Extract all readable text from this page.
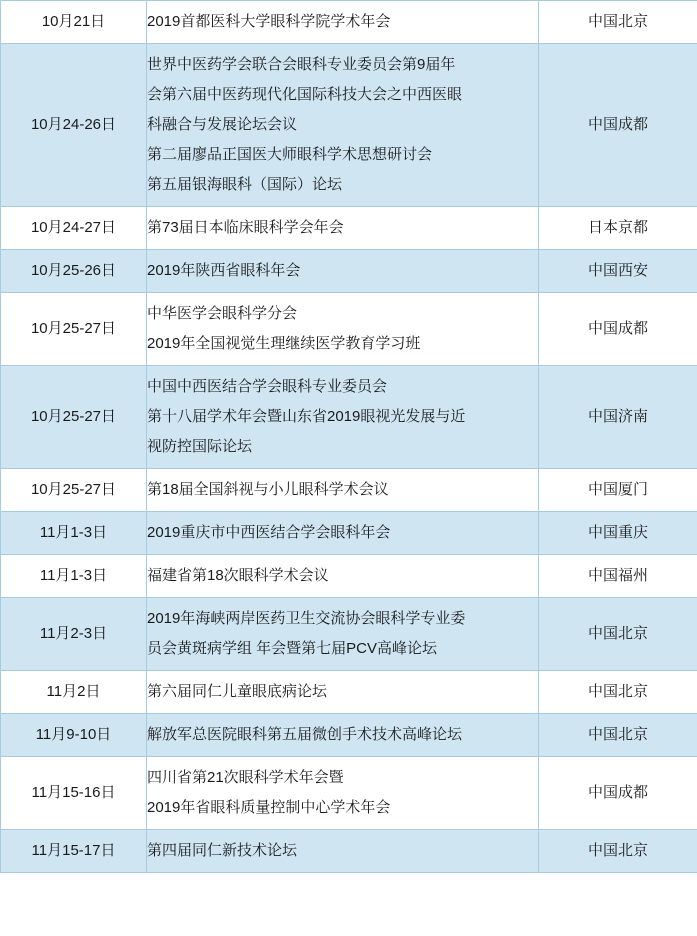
10月21日	2019首都医科大学眼科学院学术年会	中国北京
10月24-26日	世界中医药学会联合会眼科专业委员会第9届年
会第六届中医药现代化国际科技大会之中西医眼
科融合与发展论坛会议
第二届廖品正国医大师眼科学术思想研讨会
第五届银海眼科（国际）论坛	中国成都
10月24-27日	第73届日本临床眼科学会年会	日本京都
10月25-26日	2019年陕西省眼科年会	中国西安
10月25-27日	中华医学会眼科学分会
2019年全国视觉生理继续医学教育学习班	中国成都
10月25-27日	中国中西医结合学会眼科专业委员会
第十八届学术年会暨山东省2019眼视光发展与近
视防控国际论坛	中国济南
10月25-27日	第18届全国斜视与小儿眼科学术会议	中国厦门
11月1-3日	2019重庆市中西医结合学会眼科年会	中国重庆
11月1-3日	福建省第18次眼科学术会议	中国福州
11月2-3日	2019年海峡两岸医药卫生交流协会眼科学专业委
员会黄斑病学组 年会暨第七届PCV高峰论坛	中国北京
11月2日	第六届同仁儿童眼底病论坛	中国北京
11月9-10日	解放军总医院眼科第五届微创手术技术高峰论坛	中国北京
11月15-16日	四川省第21次眼科学术年会暨
2019年省眼科质量控制中心学术年会	中国成都
11月15-17日	第四届同仁新技术论坛	中国北京
